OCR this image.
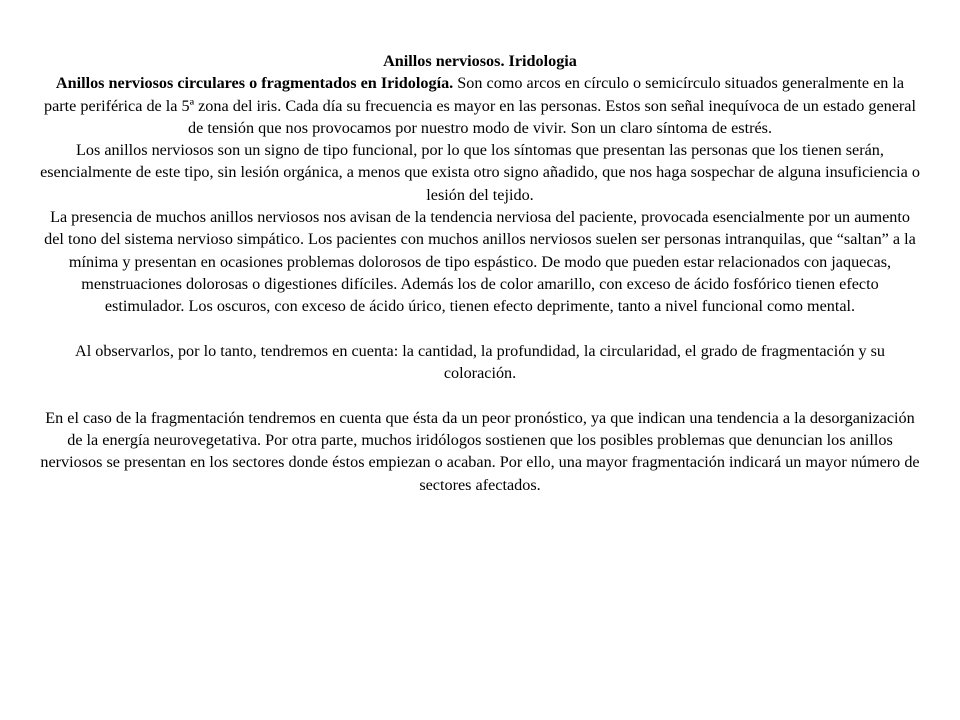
Anillos nerviosos. Iridologia

Anillos nerviosos circulares o fragmentados en Iridología. Son como arcos en círculo o semicírculo situados generalmente en la parte periférica de la 5ª zona del iris. Cada día su frecuencia es mayor en las personas. Estos son señal inequívoca de un estado general de tensión que nos provocamos por nuestro modo de vivir. Son un claro síntoma de estrés.

Los anillos nerviosos son un signo de tipo funcional, por lo que los síntomas que presentan las personas que los tienen serán, esencialmente de este tipo, sin lesión orgánica, a menos que exista otro signo añadido, que nos haga sospechar de alguna insuficiencia o lesión del tejido.

La presencia de muchos anillos nerviosos nos avisan de la tendencia nerviosa del paciente, provocada esencialmente por un aumento del tono del sistema nervioso simpático. Los pacientes con muchos anillos nerviosos suelen ser personas intranquilas, que “saltan” a la mínima y presentan en ocasiones problemas dolorosos de tipo espástico. De modo que pueden estar relacionados con jaquecas, menstruaciones dolorosas o digestiones difíciles. Además los de color amarillo, con exceso de ácido fosfórico tienen efecto estimulador. Los oscuros, con exceso de ácido úrico, tienen efecto deprimente, tanto a nivel funcional como mental.

Al observarlos, por lo tanto, tendremos en cuenta: la cantidad, la profundidad, la circularidad, el grado de fragmentación y su coloración.

En el caso de la fragmentación tendremos en cuenta que ésta da un peor pronóstico, ya que indican una tendencia a la desorganización de la energía neurovegetativa. Por otra parte, muchos iridólogos sostienen que los posibles problemas que denuncian los anillos nerviosos se presentan en los sectores donde éstos empiezan o acaban. Por ello, una mayor fragmentación indicará un mayor número de sectores afectados.
